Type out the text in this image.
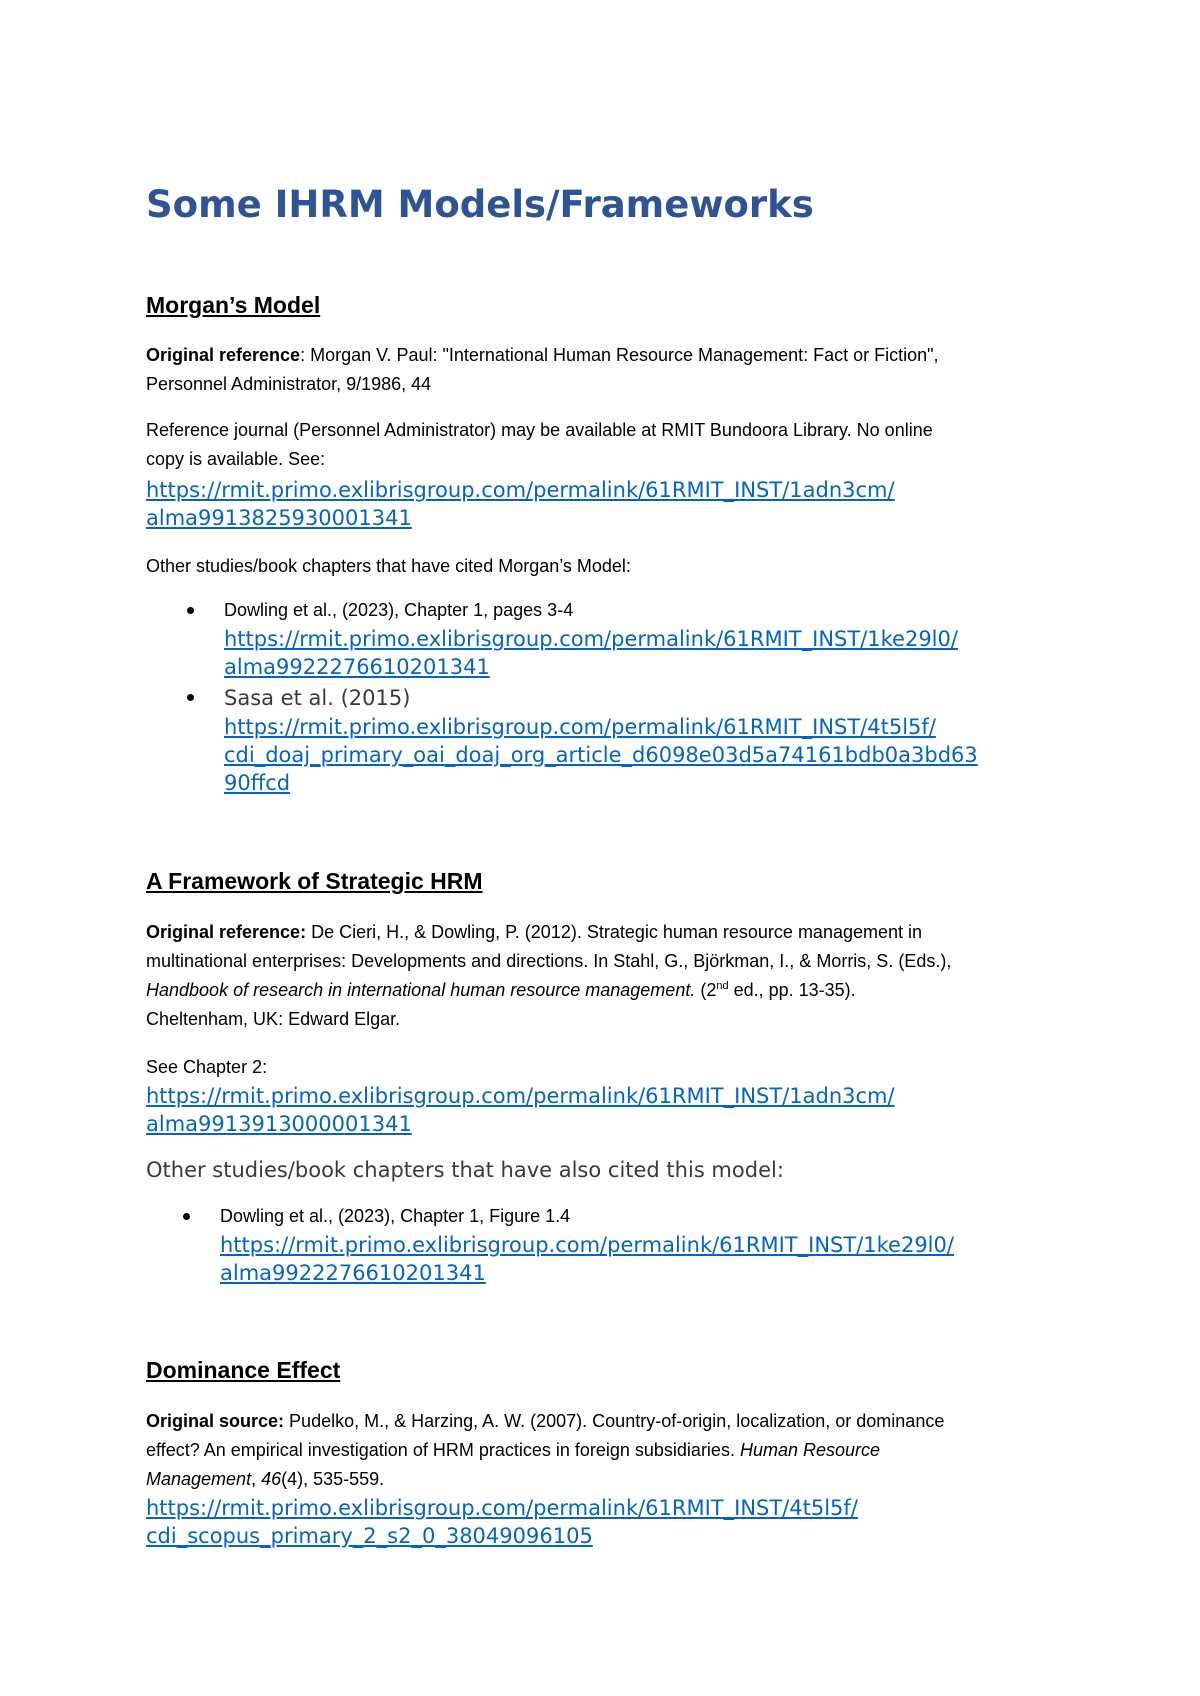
Some IHRM Models/Frameworks
Morgan’s Model
Original reference: Morgan V. Paul: "International Human Resource Management: Fact or Fiction",
Personnel Administrator, 9/1986, 44
Reference journal (Personnel Administrator) may be available at RMIT Bundoora Library. No online
copy is available. See:
https://rmit.primo.exlibrisgroup.com/permalink/61RMIT_INST/1adn3cm/
alma9913825930001341
Other studies/book chapters that have cited Morgan’s Model:
Dowling et al., (2023), Chapter 1, pages 3-4
https://rmit.primo.exlibrisgroup.com/permalink/61RMIT_INST/1ke29l0/
alma9922276610201341
Sasa et al. (2015)
https://rmit.primo.exlibrisgroup.com/permalink/61RMIT_INST/4t5l5f/
cdi_doaj_primary_oai_doaj_org_article_d6098e03d5a74161bdb0a3bd63
90ffcd
A Framework of Strategic HRM
Original reference: De Cieri, H., & Dowling, P. (2012). Strategic human resource management in
multinational enterprises: Developments and directions. In Stahl, G., Björkman, I., & Morris, S. (Eds.),
Handbook of research in international human resource management. (2nd ed., pp. 13-35).
Cheltenham, UK: Edward Elgar.
See Chapter 2:
https://rmit.primo.exlibrisgroup.com/permalink/61RMIT_INST/1adn3cm/
alma9913913000001341
Other studies/book chapters that have also cited this model:
Dowling et al., (2023), Chapter 1, Figure 1.4
https://rmit.primo.exlibrisgroup.com/permalink/61RMIT_INST/1ke29l0/
alma9922276610201341
Dominance Effect
Original source: Pudelko, M., & Harzing, A. W. (2007). Country-of-origin, localization, or dominance
effect? An empirical investigation of HRM practices in foreign subsidiaries. Human Resource
Management, 46(4), 535-559.
https://rmit.primo.exlibrisgroup.com/permalink/61RMIT_INST/4t5l5f/
cdi_scopus_primary_2_s2_0_38049096105
